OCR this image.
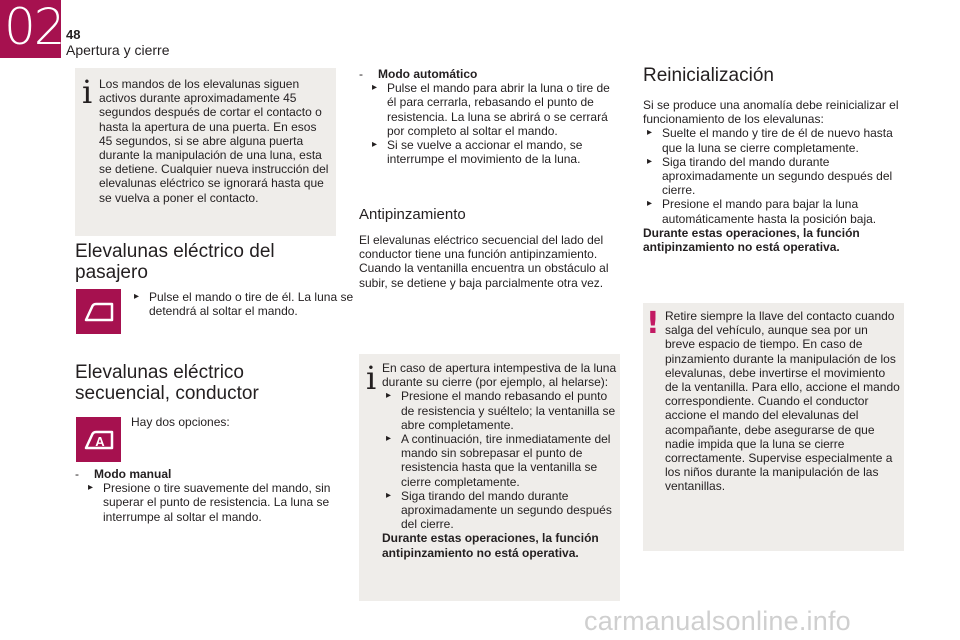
02 48
Apertura y cierre
i Los mandos de los elevalunas siguen activos durante aproximadamente 45 segundos después de cortar el contacto o hasta la apertura de una puerta. En esos 45 segundos, si se abre alguna puerta durante la manipulación de una luna, esta se detiene. Cualquier nueva instrucción del elevalunas eléctrico se ignorará hasta que se vuelva a poner el contacto.
Elevalunas eléctrico del pasajero
▸ Pulse el mando o tire de él. La luna se detendrá al soltar el mando.
Elevalunas eléctrico secuencial, conductor
A
Hay dos opciones:
- Modo manual
▸ Presione o tire suavemente del mando, sin superar el punto de resistencia. La luna se interrumpe al soltar el mando.
- Modo automático
▸ Pulse el mando para abrir la luna o tire de él para cerrarla, rebasando el punto de resistencia. La luna se abrirá o se cerrará por completo al soltar el mando.
▸ Si se vuelve a accionar el mando, se interrumpe el movimiento de la luna.
Antipinzamiento
El elevalunas eléctrico secuencial del lado del conductor tiene una función antipinzamiento. Cuando la ventanilla encuentra un obstáculo al subir, se detiene y baja parcialmente otra vez.
i En caso de apertura intempestiva de la luna durante su cierre (por ejemplo, al helarse):

▸ Presione el mando rebasando el punto de resistencia y suéltelo; la ventanilla se abre completamente.
▸ A continuación, tire inmediatamente del mando sin sobrepasar el punto de resistencia hasta que la ventanilla se cierre completamente.
▸ Siga tirando del mando durante aproximadamente un segundo después del cierre.

Durante estas operaciones, la función antipinzamiento no está operativa.

Reinicialización

Si se produce una anomalía debe reinicializar el funcionamiento de los elevalunas:

▸ Suelte el mando y tire de él de nuevo hasta que la luna se cierre completamente.
▸ Siga tirando del mando durante aproximadamente un segundo después del cierre.
▸ Presione el mando para bajar la luna automáticamente hasta la posición baja.

Durante estas operaciones, la función antipinzamiento no está operativa.

! Retire siempre la llave del contacto cuando salga del vehículo, aunque sea por un breve espacio de tiempo. En caso de pinzamiento durante la manipulación de los elevalunas, debe invertirse el movimiento de la ventanilla. Para ello, accione el mando correspondiente. Cuando el conductor accione el mando del elevalunas del acompañante, debe asegurarse de que nadie impida que la luna se cierre correctamente. Supervise especialmente a los niños durante la manipulación de las ventanillas.
carmanualsonline.info
